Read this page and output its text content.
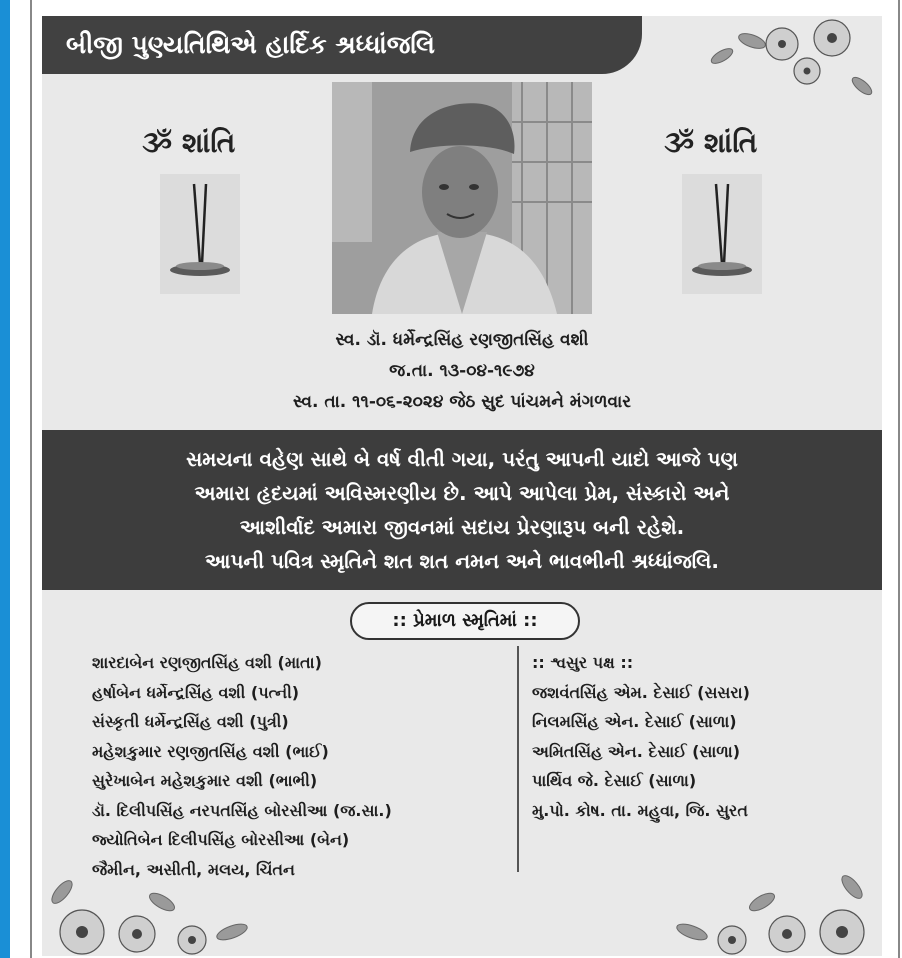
બીજી પુણ્યતિથિએ હાર્દિક શ્રધ્ધાંજલિ
ૐ શાંતિ	ૐ શાંતિ
સ્વ. ડૉ. ધર્મેન્દ્રસિંહ રણજીતસિંહ વશી
જ.તા. ૧૩-૦૪-૧૯૭૪
સ્વ. તા. ૧૧-૦૬-૨૦૨૪ જેઠ સુદ પાંચમને મંગળવાર
સમયના વહેણ સાથે બે વર્ષ વીતી ગયા, પરંતુ આપની યાદો આજે પણ
અમારા હૃદયમાં અવિસ્મરણીય છે. આપે આપેલા પ્રેમ, સંસ્કારો અને
આશીર્વાદ અમારા જીવનમાં સદાય પ્રેરણારૂપ બની રહેશે.
આપની પવિત્ર સ્મૃતિને શત શત નમન અને ભાવભીની શ્રધ્ધાંજલિ.
:: પ્રેમાળ સ્મૃતિમાં ::
શારદાબેન રણજીતસિંહ વશી (માતા)
હર્ષાબેન ધર્મેન્દ્રસિંહ વશી (પત્ની)
સંસ્કૃતી ધર્મેન્દ્રસિંહ વશી (પુત્રી)
મહેશકુમાર રણજીતસિંહ વશી (ભાઈ)
સુરેખાબેન મહેશકુમાર વશી (ભાભી)
ડૉ. દિલીપસિંહ નરપતસિંહ બોરસીઆ (જ.સા.)
જ્યોતિબેન દિલીપસિંહ બોરસીઆ (બેન)
જૈમીન, અસીતી, મલય, ચિંતન
:: શ્વસુર પક્ષ ::
જશવંતસિંહ એમ. દેસાઈ (સસરા)
નિલમસિંહ એન. દેસાઈ (સાળા)
અમિતસિંહ એન. દેસાઈ (સાળા)
પાર્થિવ જે. દેસાઈ (સાળા)
મુ.પો. કોષ. તા. મહુવા, જિ. સુરત
